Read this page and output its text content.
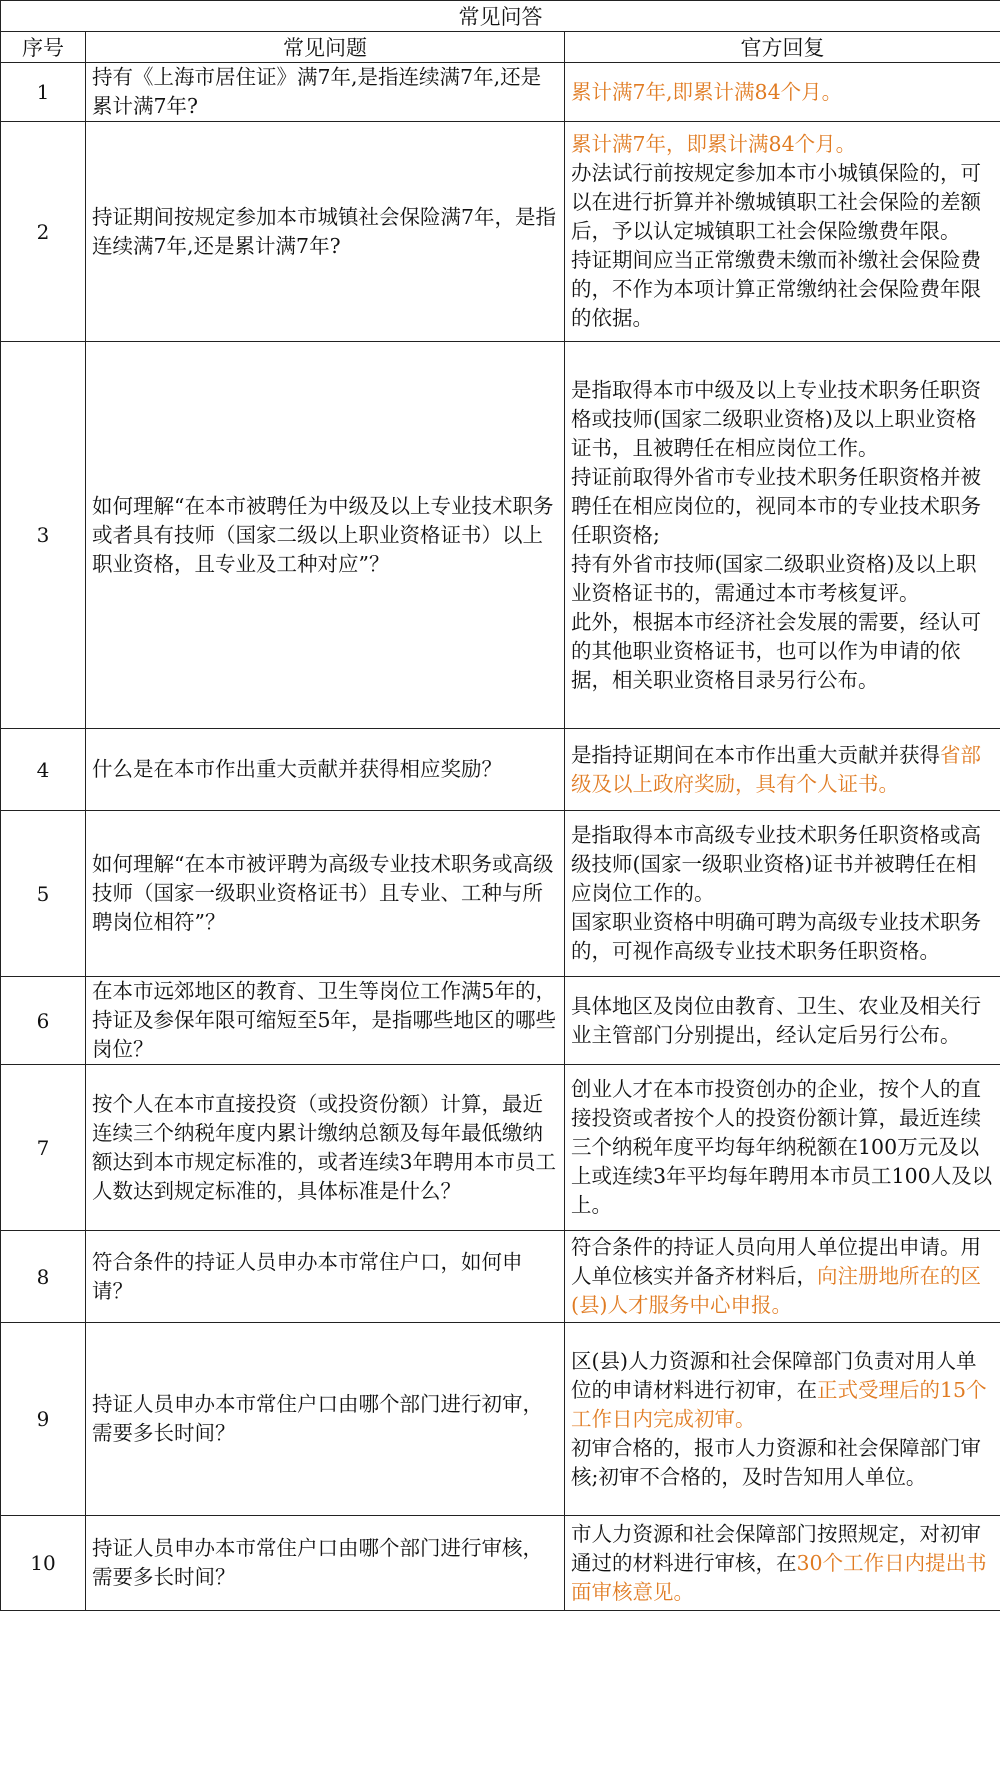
常见问答		
序号	常见问题	官方回复
1	持有《上海市居住证》满7年,是指连续满7年,还是累计满7年?	累计满7年,即累计满84个月。
2	持证期间按规定参加本市城镇社会保险满7年，是指连续满7年,还是累计满7年?	累计满7年，即累计满84个月。
办法试行前按规定参加本市小城镇保险的，可以在进行折算并补缴城镇职工社会保险的差额后，予以认定城镇职工社会保险缴费年限。
持证期间应当正常缴费未缴而补缴社会保险费的，不作为本项计算正常缴纳社会保险费年限的依据。
3	如何理解“在本市被聘任为中级及以上专业技术职务或者具有技师（国家二级以上职业资格证书）以上职业资格，且专业及工种对应”？	是指取得本市中级及以上专业技术职务任职资格或技师(国家二级职业资格)及以上职业资格证书，且被聘任在相应岗位工作。
持证前取得外省市专业技术职务任职资格并被聘任在相应岗位的，视同本市的专业技术职务任职资格;
持有外省市技师(国家二级职业资格)及以上职业资格证书的，需通过本市考核复评。
此外，根据本市经济社会发展的需要，经认可的其他职业资格证书，也可以作为申请的依据，相关职业资格目录另行公布。
4	什么是在本市作出重大贡献并获得相应奖励？	是指持证期间在本市作出重大贡献并获得省部级及以上政府奖励，具有个人证书。
5	如何理解“在本市被评聘为高级专业技术职务或高级技师（国家一级职业资格证书）且专业、工种与所聘岗位相符”？	是指取得本市高级专业技术职务任职资格或高级技师(国家一级职业资格)证书并被聘任在相应岗位工作的。
国家职业资格中明确可聘为高级专业技术职务的，可视作高级专业技术职务任职资格。
6	在本市远郊地区的教育、卫生等岗位工作满5年的，持证及参保年限可缩短至5年，是指哪些地区的哪些岗位？	具体地区及岗位由教育、卫生、农业及相关行业主管部门分别提出，经认定后另行公布。
7	按个人在本市直接投资（或投资份额）计算，最近连续三个纳税年度内累计缴纳总额及每年最低缴纳额达到本市规定标准的，或者连续3年聘用本市员工人数达到规定标准的，具体标准是什么？	创业人才在本市投资创办的企业，按个人的直接投资或者按个人的投资份额计算，最近连续三个纳税年度平均每年纳税额在100万元及以上或连续3年平均每年聘用本市员工100人及以上。
8	符合条件的持证人员申办本市常住户口，如何申请？	符合条件的持证人员向用人单位提出申请。用人单位核实并备齐材料后，向注册地所在的区(县)人才服务中心申报。
9	持证人员申办本市常住户口由哪个部门进行初审，需要多长时间？	区(县)人力资源和社会保障部门负责对用人单位的申请材料进行初审，在正式受理后的15个工作日内完成初审。
初审合格的，报市人力资源和社会保障部门审核;初审不合格的，及时告知用人单位。
10	持证人员申办本市常住户口由哪个部门进行审核，需要多长时间？	市人力资源和社会保障部门按照规定，对初审通过的材料进行审核，在30个工作日内提出书面审核意见。
